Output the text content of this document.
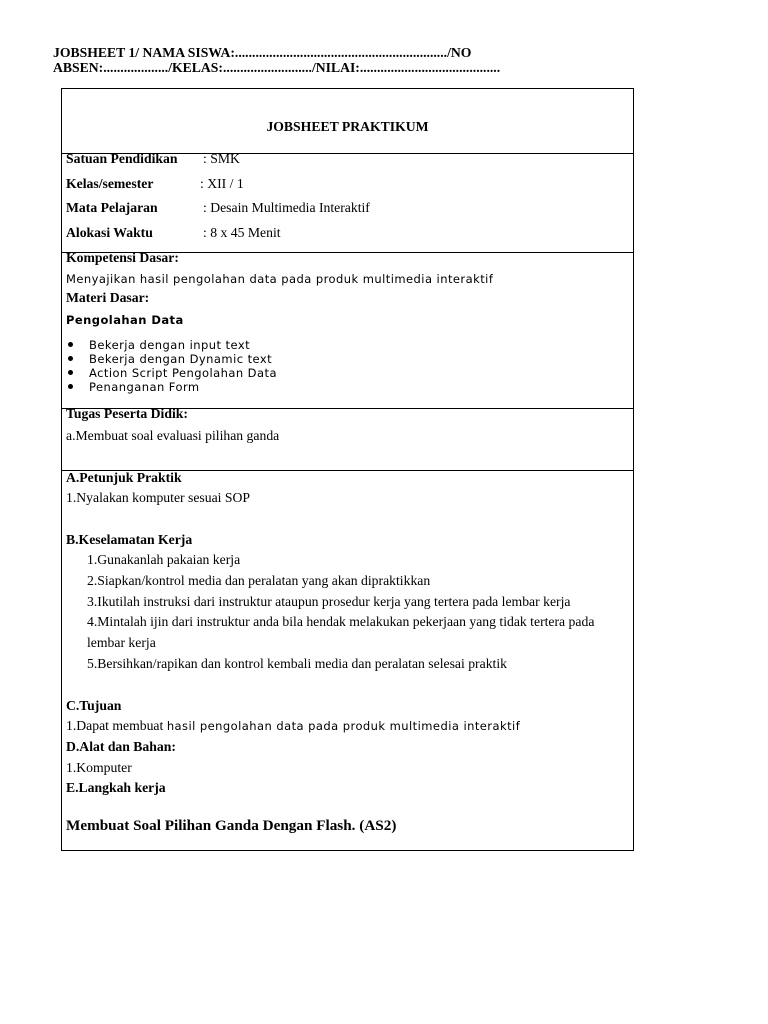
JOBSHEET 1/ NAMA SISWA:............................................................../NO
ABSEN:.................../KELAS:........................../NILAI:.........................................
JOBSHEET PRAKTIKUM
Satuan Pendidikan : SMK
Kelas/semester	: XII / 1
Mata Pelajaran	: Desain Multimedia Interaktif
Alokasi Waktu	: 8 x 45 Menit
Kompetensi Dasar:
Menyajikan hasil pengolahan data pada produk multimedia interaktif
Materi Dasar:
Pengolahan Data
Bekerja dengan input text
Bekerja dengan Dynamic text
Action Script Pengolahan Data
Penanganan Form
Tugas Peserta Didik:
a.Membuat soal evaluasi pilihan ganda
A.Petunjuk Praktik
1.Nyalakan komputer sesuai SOP
B.Keselamatan Kerja
1.Gunakanlah pakaian kerja
2.Siapkan/kontrol media dan peralatan yang akan dipraktikkan
3.Ikutilah instruksi dari instruktur ataupun prosedur kerja yang tertera pada lembar kerja
4.Mintalah ijin dari instruktur anda bila hendak melakukan pekerjaan yang tidak tertera pada lembar kerja
5.Bersihkan/rapikan dan kontrol kembali media dan peralatan selesai praktik
C.Tujuan
1.Dapat membuat hasil pengolahan data pada produk multimedia interaktif
D.Alat dan Bahan:
1.Komputer
E.Langkah kerja
Membuat Soal Pilihan Ganda Dengan Flash. (AS2)
